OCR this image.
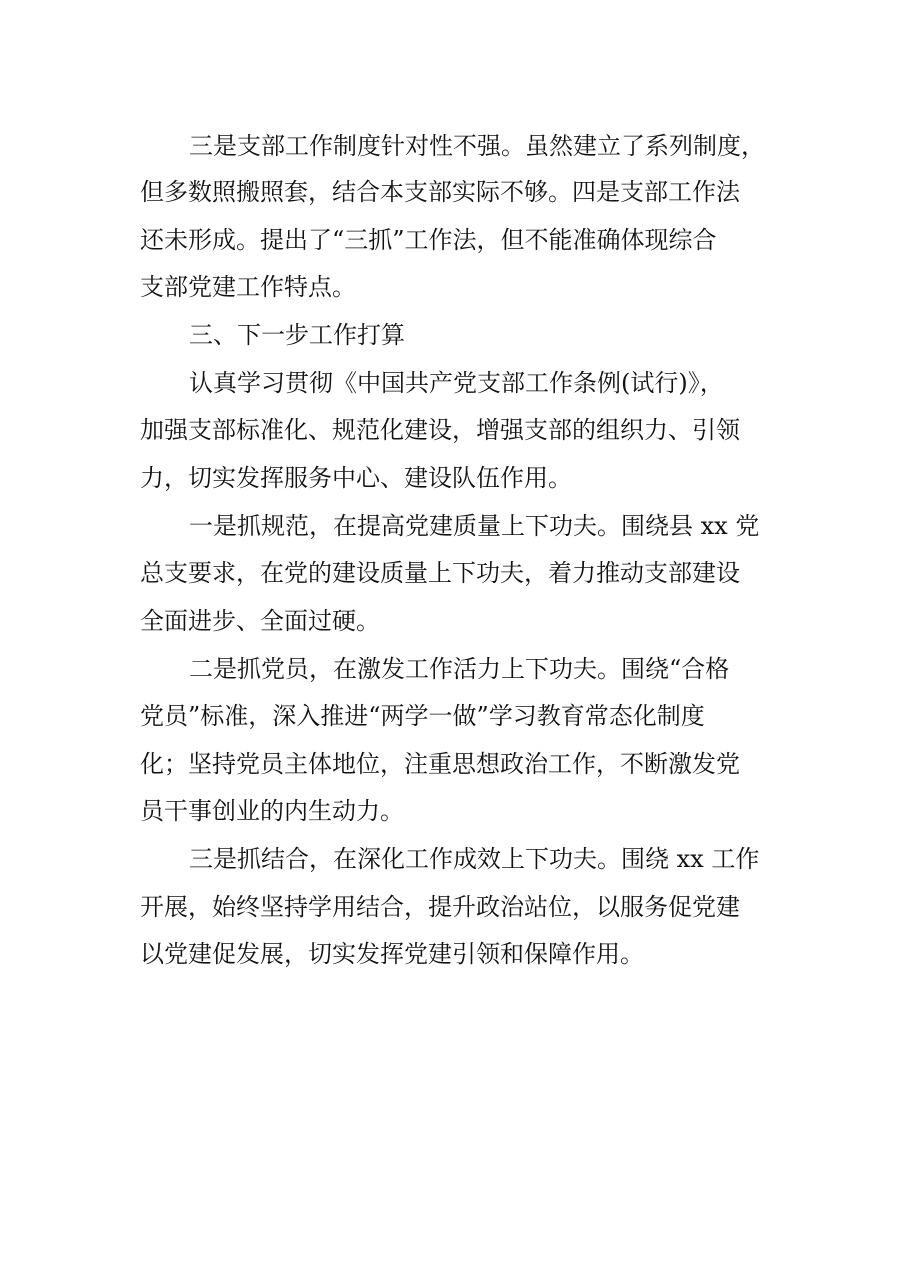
三是支部工作制度针对性不强。虽然建立了系列制度，
但多数照搬照套，结合本支部实际不够。四是支部工作法
还未形成。提出了“三抓”工作法，但不能准确体现综合
支部党建工作特点。
三、下一步工作打算
认真学习贯彻《中国共产党支部工作条例(试行)》，
加强支部标准化、规范化建设，增强支部的组织力、引领
力，切实发挥服务中心、建设队伍作用。
一是抓规范，在提高党建质量上下功夫。围绕县 xx 党
总支要求，在党的建设质量上下功夫，着力推动支部建设
全面进步、全面过硬。
二是抓党员，在激发工作活力上下功夫。围绕“合格
党员”标准，深入推进“两学一做”学习教育常态化制度
化；坚持党员主体地位，注重思想政治工作，不断激发党
员干事创业的内生动力。
三是抓结合，在深化工作成效上下功夫。围绕 xx 工作
开展，始终坚持学用结合，提升政治站位，以服务促党建
以党建促发展，切实发挥党建引领和保障作用。
